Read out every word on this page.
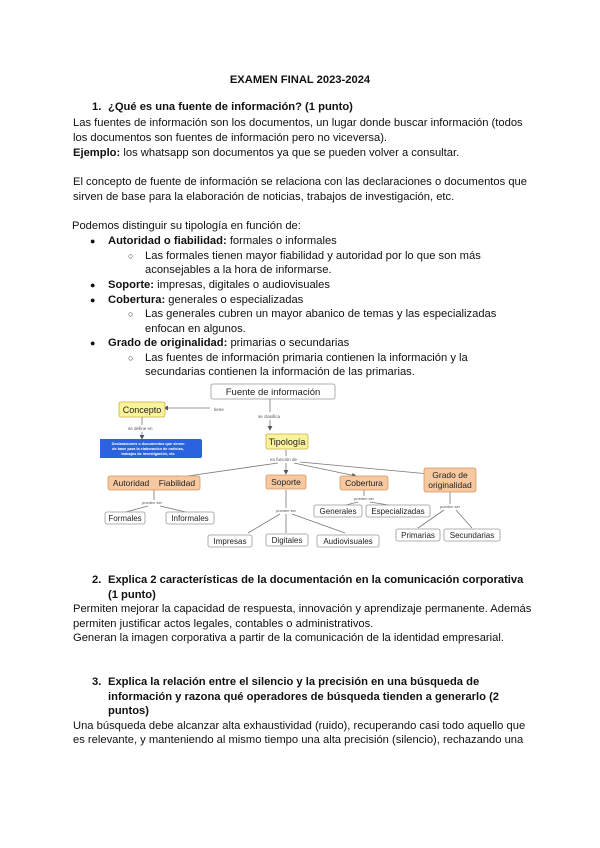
EXAMEN FINAL 2023-2024
1. ¿Qué es una fuente de información? (1 punto)
Las fuentes de información son los documentos, un lugar donde buscar información (todos
los documentos son fuentes de información pero no viceversa).
Ejemplo: los whatsapp son documentos ya que se pueden volver a consultar.
El concepto de fuente de información se relaciona con las declaraciones o documentos que
sirven de base para la elaboración de noticias, trabajos de investigación, etc.
Podemos distinguir su tipología en función de:
● Autoridad o fiabilidad: formales o informales
○ Las formales tienen mayor fiabilidad y autoridad por lo que son más
aconsejables a la hora de informarse.
● Soporte: impresas, digitales o audiovisuales
● Cobertura: generales o especializadas
○ Las generales cubren un mayor abanico de temas y las especializadas
enfocan en algunos.
● Grado de originalidad: primarias o secundarias
○ Las fuentes de información primaria contienen la información y la
secundarias contienen la información de las primarias.
tiene
se clasifica
se define en
en función de
pueden ser
pueden ser
pueden ser
pueden ser
Fuente de información
Concepto
Declaraciones o documentos que sirven
de base para la elaboración de noticias,
trabajos de investigación, etc
Tipología
Autoridad    Fiabilidad	Soporte	Cobertura
Grado de
originalidad
Formales	Informales
Impresas	Digitales	Audiovisuales
Generales Especializadas
Primarias Secundarias
2. Explica 2 características de la documentación en la comunicación corporativa
(1 punto)
Permiten mejorar la capacidad de respuesta, innovación y aprendizaje permanente. Además
permiten justificar actos legales, contables o administrativos.
Generan la imagen corporativa a partir de la comunicación de la identidad empresarial.
3. Explica la relación entre el silencio y la precisión en una búsqueda de
información y razona qué operadores de búsqueda tienden a generarlo (2
puntos)
Una búsqueda debe alcanzar alta exhaustividad (ruido), recuperando casi todo aquello que
es relevante, y manteniendo al mismo tiempo una alta precisión (silencio), rechazando una
